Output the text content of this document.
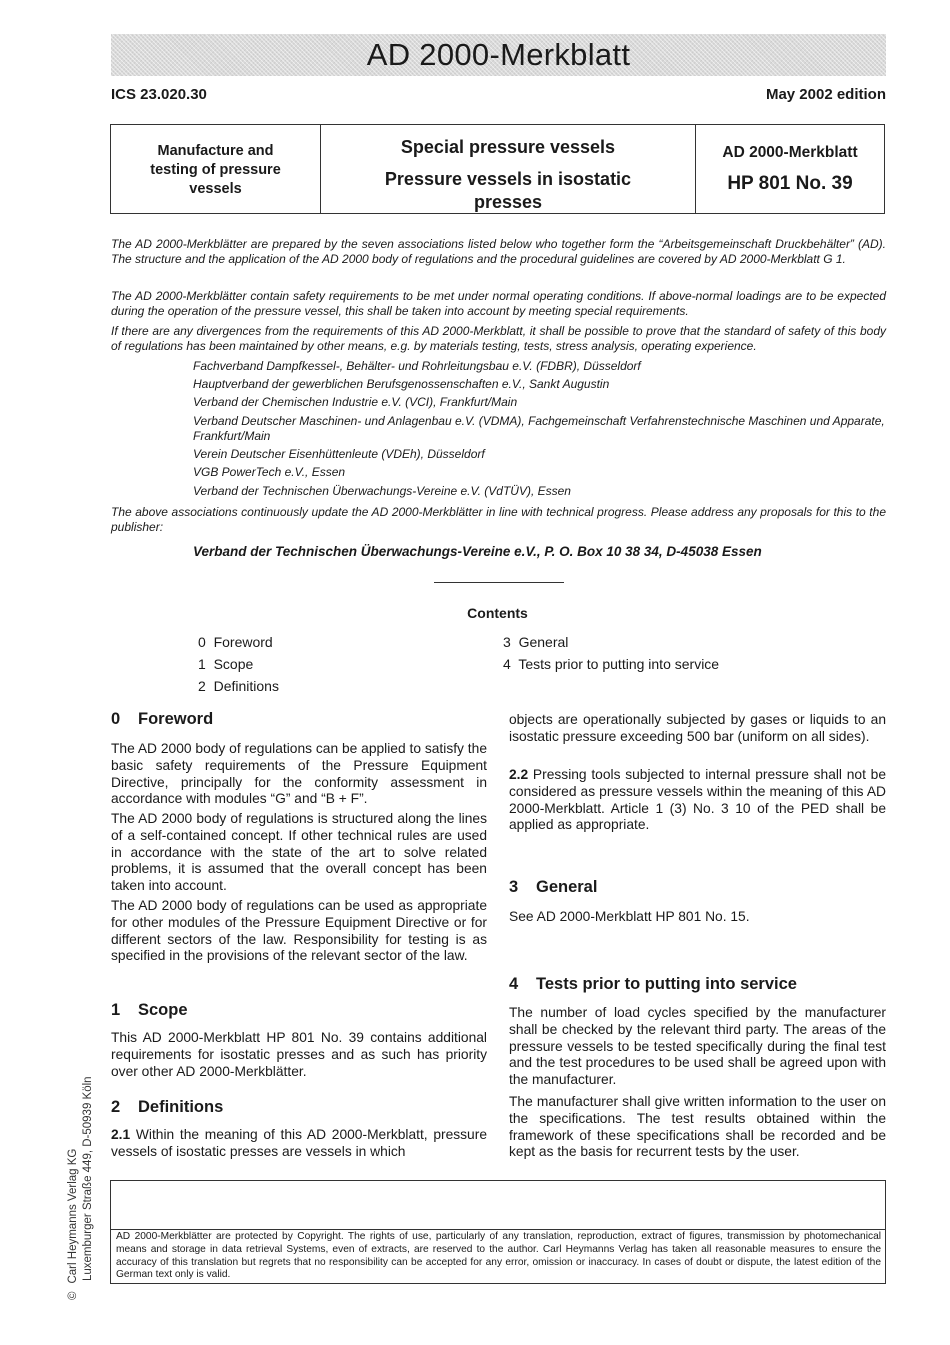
AD 2000-Merkblatt
ICS 23.020.30	May 2002 edition
Manufacture and
testing of pressure
vessels
Special pressure vessels
Pressure vessels in isostatic presses
AD 2000-Merkblatt
HP 801 No. 39
The AD 2000-Merkblätter are prepared by the seven associations listed below who together form the “Arbeitsgemeinschaft Druckbehälter” (AD). The structure and the application of the AD 2000 body of regulations and the procedural guidelines are covered by AD 2000-Merkblatt G 1.
The AD 2000-Merkblätter contain safety requirements to be met under normal operating conditions. If above-normal loadings are to be expected during the operation of the pressure vessel, this shall be taken into account by meeting special requirements.
If there are any divergences from the requirements of this AD 2000-Merkblatt, it shall be possible to prove that the standard of safety of this body of regulations has been maintained by other means, e.g. by materials testing, tests, stress analysis, operating experience.
Fachverband Dampfkessel-, Behälter- und Rohrleitungsbau e.V. (FDBR), Düsseldorf
Hauptverband der gewerblichen Berufsgenossenschaften e.V., Sankt Augustin
Verband der Chemischen Industrie e.V. (VCI), Frankfurt/Main
Verband Deutscher Maschinen- und Anlagenbau e.V. (VDMA), Fachgemeinschaft Verfahrenstechnische Maschinen und Apparate, Frankfurt/Main
Verein Deutscher Eisenhüttenleute (VDEh), Düsseldorf
VGB PowerTech e.V., Essen
Verband der Technischen Überwachungs-Vereine e.V. (VdTÜV), Essen
The above associations continuously update the AD 2000-Merkblätter in line with technical progress. Please address any proposals for this to the publisher:
Verband der Technischen Überwachungs-Vereine e.V., P. O. Box 10 38 34, D-45038 Essen
Contents
0 Foreword
1 Scope
2 Definitions
3 General
4 Tests prior to putting into service
0 Foreword
The AD 2000 body of regulations can be applied to satisfy the basic safety requirements of the Pressure Equipment Directive, principally for the conformity assessment in accordance with modules “G” and “B + F”.
The AD 2000 body of regulations is structured along the lines of a self-contained concept. If other technical rules are used in accordance with the state of the art to solve related problems, it is assumed that the overall concept has been taken into account.
The AD 2000 body of regulations can be used as appropriate for other modules of the Pressure Equipment Directive or for different sectors of the law. Responsibility for testing is as specified in the provisions of the relevant sector of the law.
1 Scope
This AD 2000-Merkblatt HP 801 No. 39 contains additional requirements for isostatic presses and as such has priority over other AD 2000-Merkblätter.
2 Definitions
2.1 Within the meaning of this AD 2000-Merkblatt, pressure vessels of isostatic presses are vessels in which
objects are operationally subjected by gases or liquids to an isostatic pressure exceeding 500 bar (uniform on all sides).
2.2 Pressing tools subjected to internal pressure shall not be considered as pressure vessels within the meaning of this AD 2000-Merkblatt. Article 1 (3) No. 3 10 of the PED shall be applied as appropriate.
3 General
See AD 2000-Merkblatt HP 801 No. 15.
4 Tests prior to putting into service
The number of load cycles specified by the manufacturer shall be checked by the relevant third party. The areas of the pressure vessels to be tested specifically during the final test and the test procedures to be used shall be agreed upon with the manufacturer.
The manufacturer shall give written information to the user on the specifications. The test results obtained within the framework of these specifications shall be recorded and be kept as the basis for recurrent tests by the user.
©Carl Heymanns Verlag KG Luxemburger Straße 449, D-50939 Köln AD 2000-Merkblätter are protected by Copyright. The rights of use, particularly of any translation, reproduction, extract of figures, transmission by photomechanical means and storage in data retrieval Systems, even of extracts, are reserved to the author. Carl Heymanns Verlag has taken all reasonable measures to ensure the accuracy of this translation but regrets that no responsibility can be accepted for any error, omission or inaccuracy. In cases of doubt or dispute, the latest edition of the German text only is valid.
